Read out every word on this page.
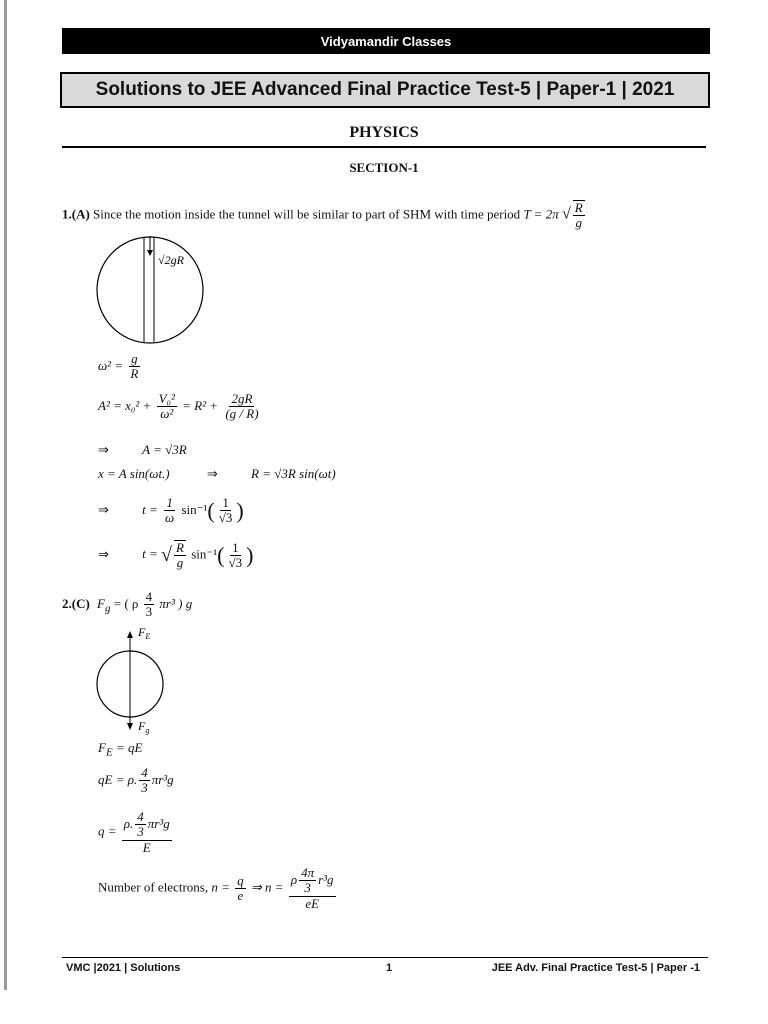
Vidyamandir Classes
Solutions to JEE Advanced Final Practice Test-5 | Paper-1 | 2021
PHYSICS
SECTION-1
1.(A) Since the motion inside the tunnel will be similar to part of SHM with time period T = 2π √ $\frac{R}{g}$
√2gR
$\omega^2 = \frac{g}{R}$
$A^2 = x_0^2 + \frac{\text{V₀²}}{\text{ω²}} = R^2 + \frac{2gR}{(g / R)}$
⇒	A = √3R
x = A sin(ωt.)	⇒	R = √3R sin(ωt)
⇒	$t = \frac{1}{\omega} \sin^{-1}( \frac{1}{√3}$ )
⇒	t = √ $\frac{R}{g} \sin^{-1}( \frac{1}{√3}$ )
2.(C) $F_g$ = ( ρ $\frac{4}{3} \pi r^3$ ) g
$F_E$
$F_g$
$F_E$ = qE
qE = ρ. $\frac{4}{3} \pi r^3g$
$q = \frac{\rho. \frac{4}{3} \pi r^3g}{E}$
Number of electrons, $n = \frac{q}{e}$ ⇒ $n = \frac{\rho \frac{4\pi}{3} r^3g}{eE}$
VMC |2021 | Solutions	1	JEE Adv. Final Practice Test-5 | Paper -1
